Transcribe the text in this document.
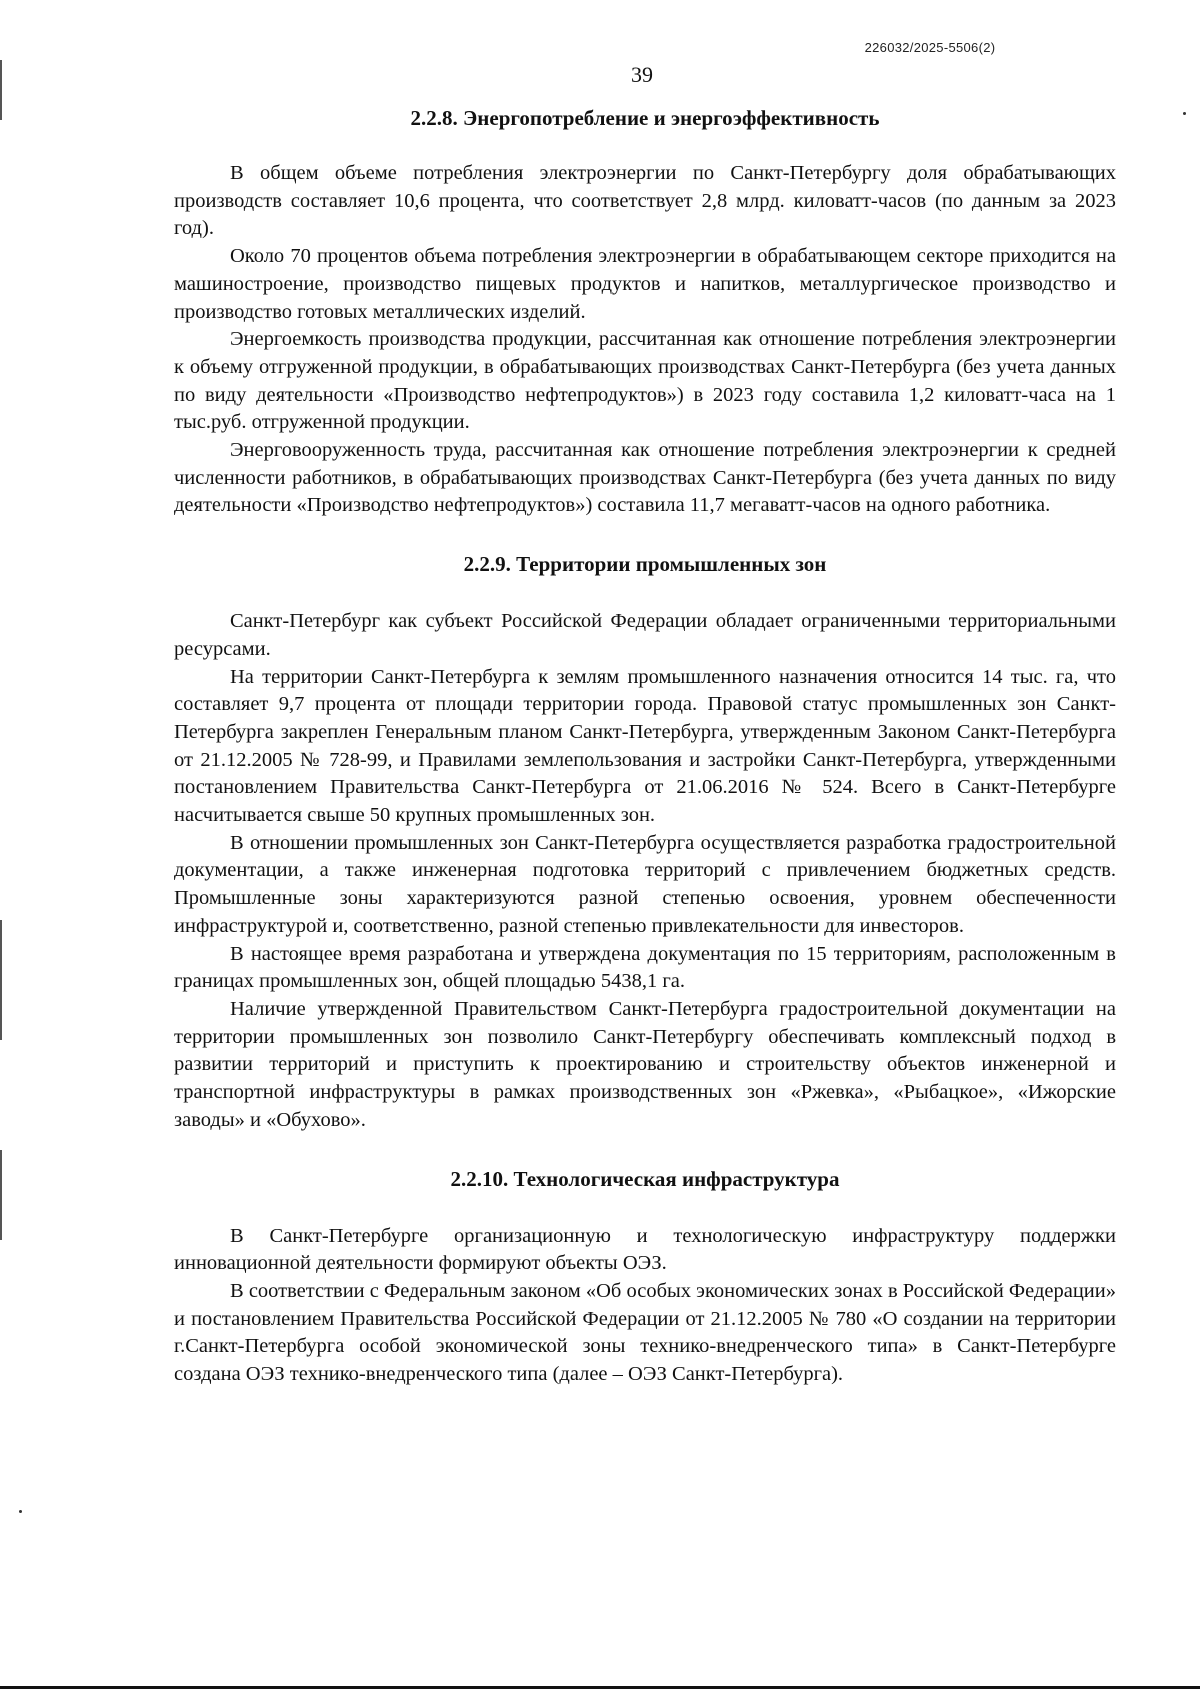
226032/2025-5506(2)
39
2.2.8. Энергопотребление и энергоэффективность

В общем объеме потребления электроэнергии по Санкт-Петербургу доля обрабатывающих производств составляет 10,6 процента, что соответствует 2,8 млрд. киловатт-часов (по данным за 2023 год).

Около 70 процентов объема потребления электроэнергии в обрабатывающем секторе приходится на машиностроение, производство пищевых продуктов и напитков, металлургическое производство и производство готовых металлических изделий.

Энергоемкость производства продукции, рассчитанная как отношение потребления электроэнергии к объему отгруженной продукции, в обрабатывающих производствах Санкт-Петербурга (без учета данных по виду деятельности «Производство нефтепродуктов») в 2023 году составила 1,2 киловатт-часа на 1 тыс.руб. отгруженной продукции.

Энерговооруженность труда, рассчитанная как отношение потребления электроэнергии к средней численности работников, в обрабатывающих производствах Санкт-Петербурга (без учета данных по виду деятельности «Производство нефтепродуктов») составила 11,7 мегаватт-часов на одного работника.

2.2.9. Территории промышленных зон

Санкт-Петербург как субъект Российской Федерации обладает ограниченными территориальными ресурсами.

На территории Санкт-Петербурга к землям промышленного назначения относится 14 тыс. га, что составляет 9,7 процента от площади территории города. Правовой статус промышленных зон Санкт-Петербурга закреплен Генеральным планом Санкт-Петербурга, утвержденным Законом Санкт-Петербурга от 21.12.2005 № 728-99, и Правилами землепользования и застройки Санкт-Петербурга, утвержденными постановлением Правительства Санкт-Петербурга от 21.06.2016 № 524. Всего в Санкт-Петербурге насчитывается свыше 50 крупных промышленных зон.

В отношении промышленных зон Санкт-Петербурга осуществляется разработка градостроительной документации, а также инженерная подготовка территорий с привлечением бюджетных средств. Промышленные зоны характеризуются разной степенью освоения, уровнем обеспеченности инфраструктурой и, соответственно, разной степенью привлекательности для инвесторов.

В настоящее время разработана и утверждена документация по 15 территориям, расположенным в границах промышленных зон, общей площадью 5438,1 га.

Наличие утвержденной Правительством Санкт-Петербурга градостроительной документации на территории промышленных зон позволило Санкт-Петербургу обеспечивать комплексный подход в развитии территорий и приступить к проектированию и строительству объектов инженерной и транспортной инфраструктуры в рамках производственных зон «Ржевка», «Рыбацкое», «Ижорские заводы» и «Обухово».

2.2.10. Технологическая инфраструктура

В Санкт-Петербурге организационную и технологическую инфраструктуру поддержки инновационной деятельности формируют объекты ОЭЗ.

В соответствии с Федеральным законом «Об особых экономических зонах в Российской Федерации» и постановлением Правительства Российской Федерации от 21.12.2005 № 780 «О создании на территории г.Санкт-Петербурга особой экономической зоны технико-внедренческого типа» в Санкт-Петербурге создана ОЭЗ технико-внедренческого типа (далее – ОЭЗ Санкт-Петербурга).
